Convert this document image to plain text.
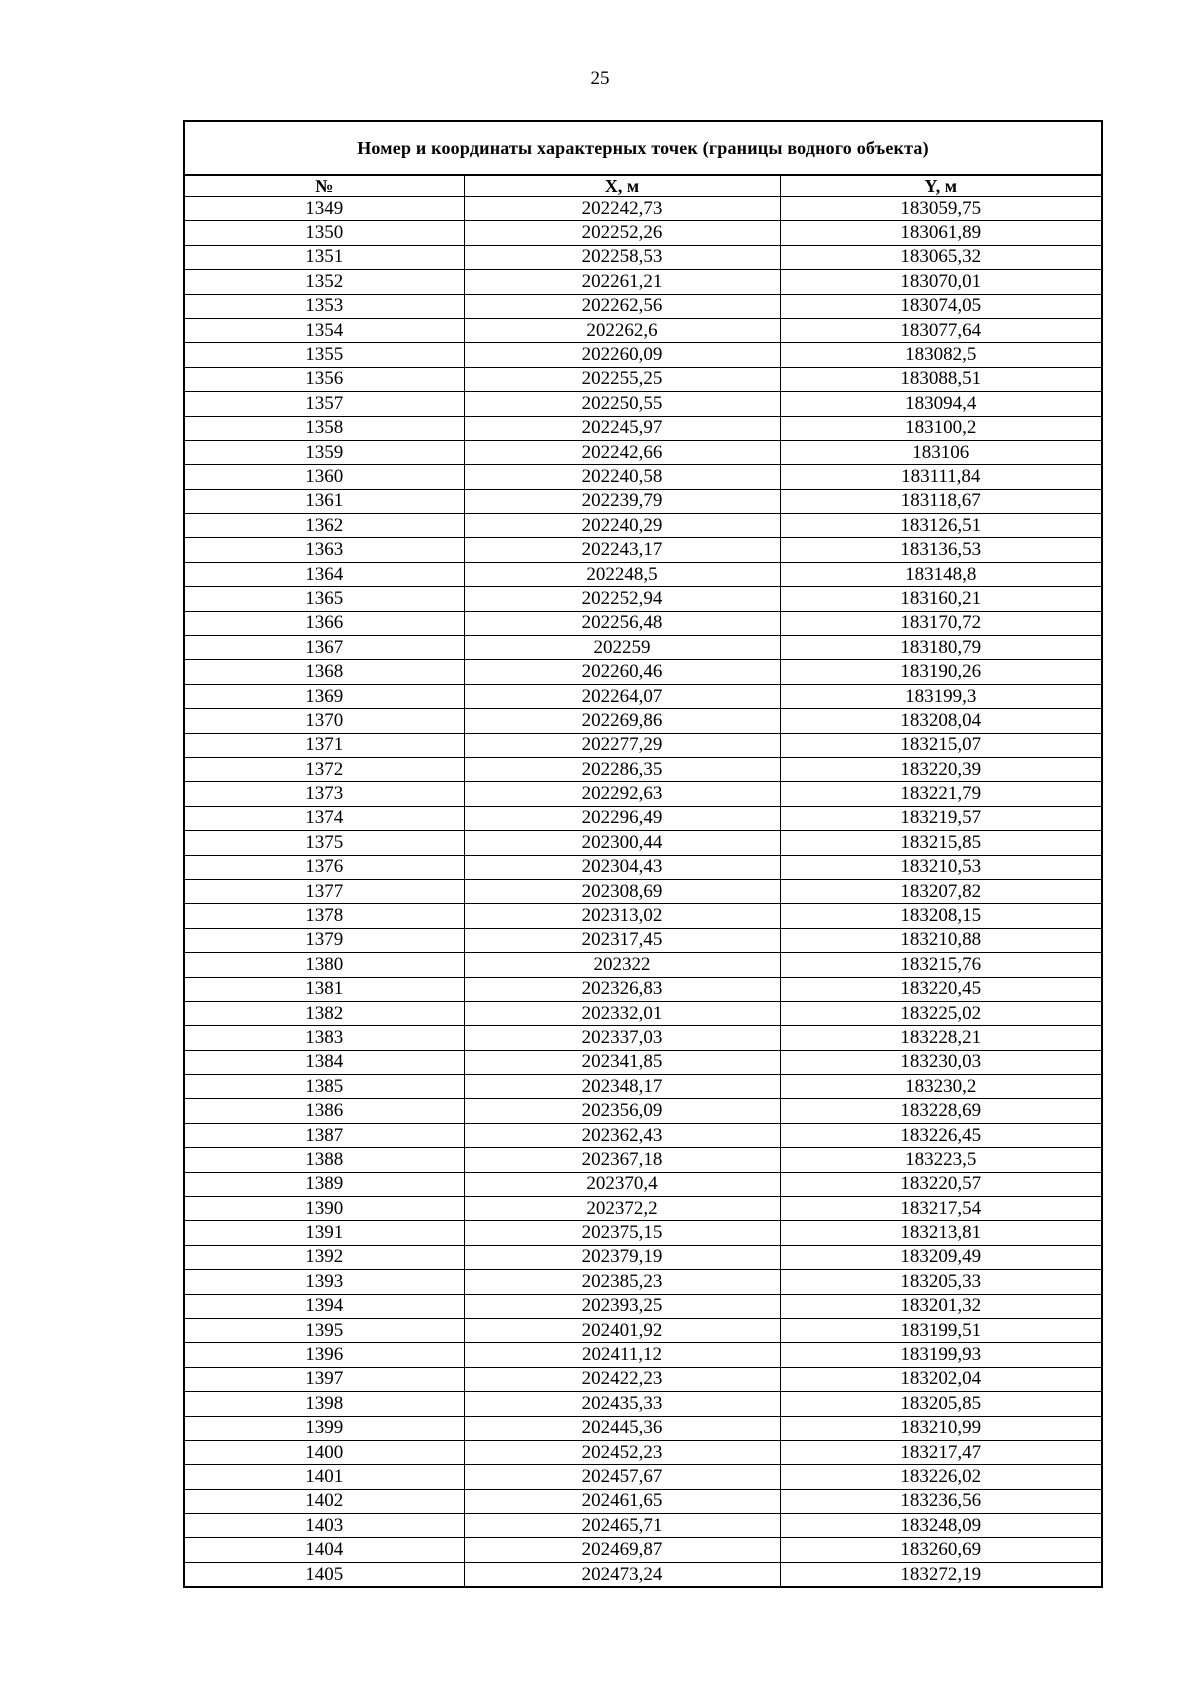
25
Номер и координаты характерных точек (границы водного объекта)
№	X, м	Y, м
1349	202242,73	183059,75
1350	202252,26	183061,89
1351	202258,53	183065,32
1352	202261,21	183070,01
1353	202262,56	183074,05
1354	202262,6	183077,64
1355	202260,09	183082,5
1356	202255,25	183088,51
1357	202250,55	183094,4
1358	202245,97	183100,2
1359	202242,66	183106
1360	202240,58	183111,84
1361	202239,79	183118,67
1362	202240,29	183126,51
1363	202243,17	183136,53
1364	202248,5	183148,8
1365	202252,94	183160,21
1366	202256,48	183170,72
1367	202259	183180,79
1368	202260,46	183190,26
1369	202264,07	183199,3
1370	202269,86	183208,04
1371	202277,29	183215,07
1372	202286,35	183220,39
1373	202292,63	183221,79
1374	202296,49	183219,57
1375	202300,44	183215,85
1376	202304,43	183210,53
1377	202308,69	183207,82
1378	202313,02	183208,15
1379	202317,45	183210,88
1380	202322	183215,76
1381	202326,83	183220,45
1382	202332,01	183225,02
1383	202337,03	183228,21
1384	202341,85	183230,03
1385	202348,17	183230,2
1386	202356,09	183228,69
1387	202362,43	183226,45
1388	202367,18	183223,5
1389	202370,4	183220,57
1390	202372,2	183217,54
1391	202375,15	183213,81
1392	202379,19	183209,49
1393	202385,23	183205,33
1394	202393,25	183201,32
1395	202401,92	183199,51
1396	202411,12	183199,93
1397	202422,23	183202,04
1398	202435,33	183205,85
1399	202445,36	183210,99
1400	202452,23	183217,47
1401	202457,67	183226,02
1402	202461,65	183236,56
1403	202465,71	183248,09
1404	202469,87	183260,69
1405	202473,24	183272,19
